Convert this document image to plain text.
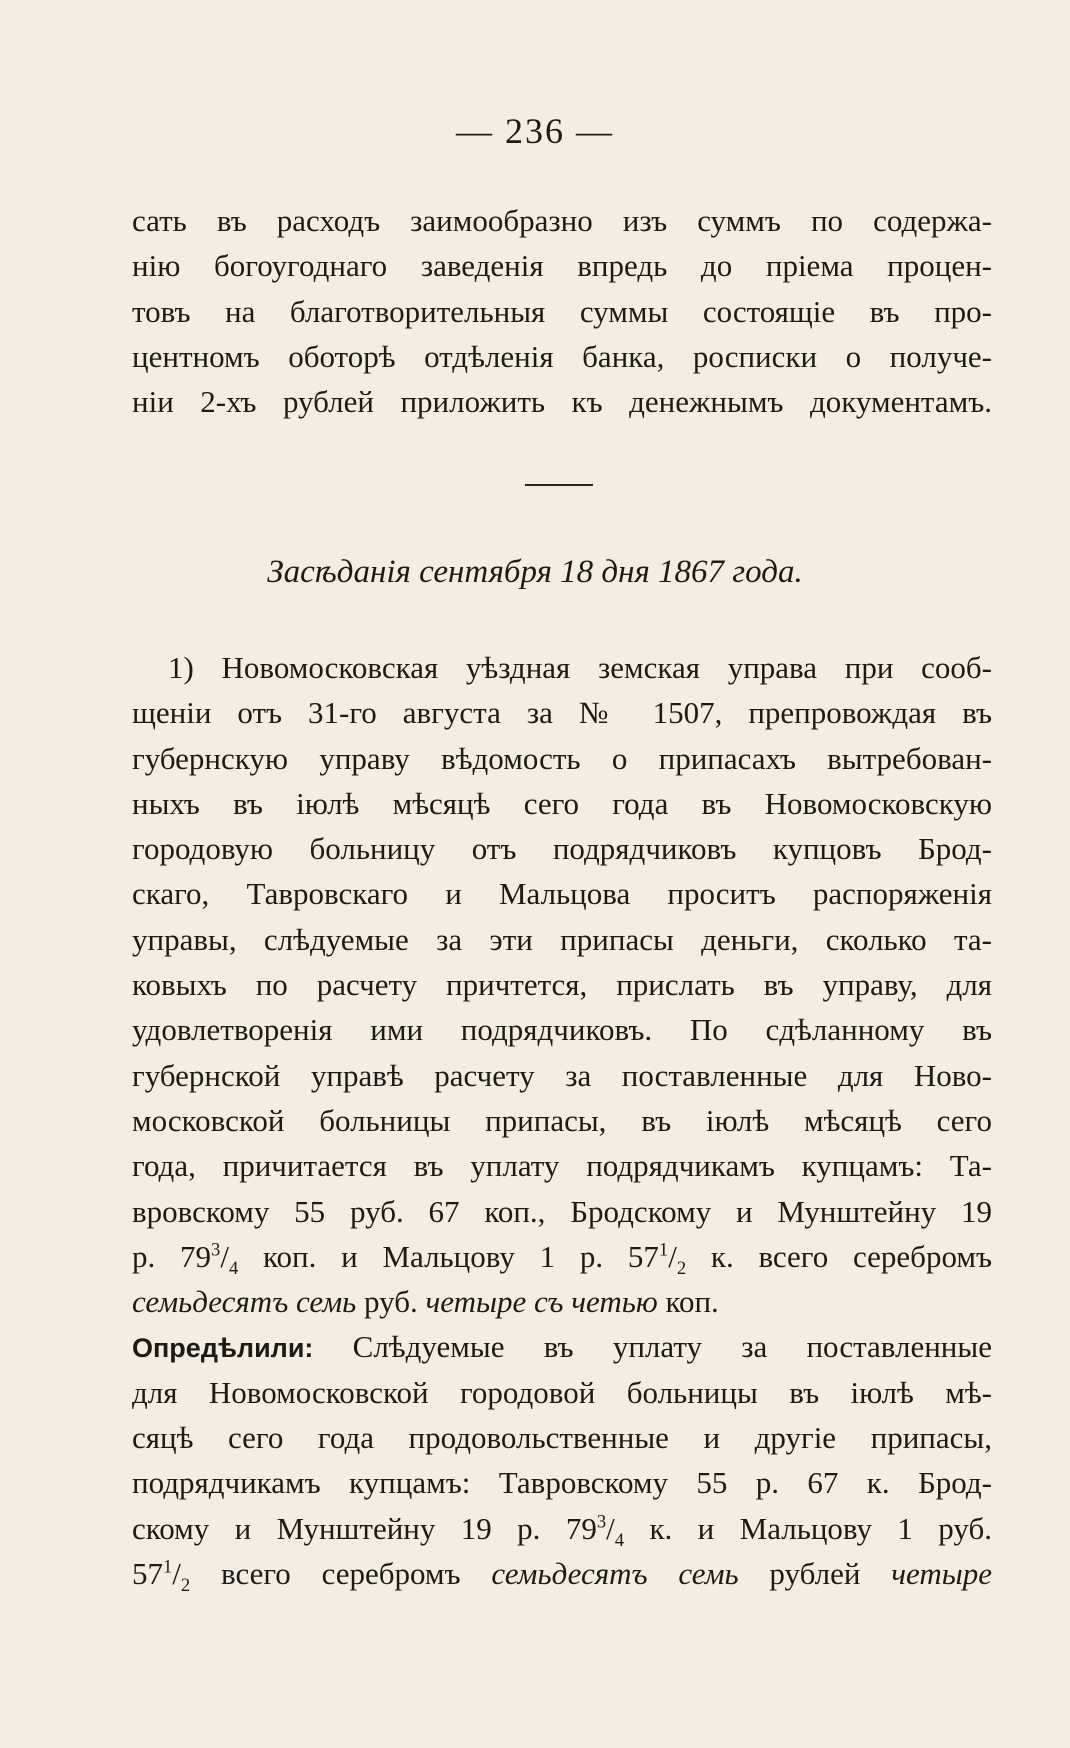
— 236 —
сать въ расходъ заимообразно изъ суммъ по содержа-
нію богоугоднаго заведенія впредь до пріема процен-
товъ на благотворительныя суммы состоящіе въ про-
центномъ оботорѣ отдѣленія банка, росписки о получе-
ніи 2-хъ рублей приложить къ денежнымъ документамъ.
Засѣданія сентября 18 дня 1867 года.
1) Новомосковская уѣздная земская управа при сооб-
щеніи отъ 31-го августа за № 1507, препровождая въ
губернскую управу вѣдомость о припасахъ вытребован-
ныхъ въ іюлѣ мѣсяцѣ сего года въ Новомосковскую
городовую больницу отъ подрядчиковъ купцовъ Брод-
скаго, Тавровскаго и Мальцова проситъ распоряженія
управы, слѣдуемые за эти припасы деньги, сколько та-
ковыхъ по расчету причтется, прислать въ управу, для
удовлетворенія ими подрядчиковъ. По сдѣланному въ
губернской управѣ расчету за поставленные для Ново-
московской больницы припасы, въ іюлѣ мѣсяцѣ сего
года, причитается въ уплату подрядчикамъ купцамъ: Та-
вровскому 55 руб. 67 коп., Бродскому и Мунштейну 19
р. $79^3/_4$ коп. и Мальцову 1 р. $57^1/_2$ к. всего серебромъ
семьдесятъ семь руб. четыре съ четью коп.
Опредѣлили: Слѣдуемые въ уплату за поставленные
для Новомосковской городовой больницы въ іюлѣ мѣ-
сяцѣ сего года продовольственные и другіе припасы,
подрядчикамъ купцамъ: Тавровскому 55 р. 67 к. Брод-
скому и Мунштейну 19 р. $79^3/_4$ к. и Мальцову 1 руб.
$57^1/_2$ всего серебромъ семьдесятъ семь рублей четыре
